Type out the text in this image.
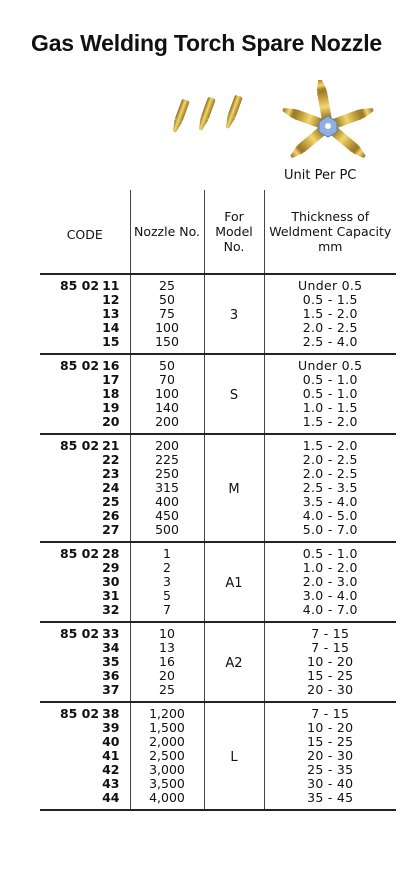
Gas Welding Torch Spare Nozzle
Unit Per PC
CODE	Nozzle No.	For Model No.	Thickness of Weldment Capacity mm
85 02 11	25	3	Under 0.5
12	50		0.5 - 1.5
13	75		1.5 - 2.0
14	100		2.0 - 2.5
15	150		2.5 - 4.0
85 02 16	50	S	Under 0.5
17	70		0.5 - 1.0
18	100		0.5 - 1.0
19	140		1.0 - 1.5
20	200		1.5 - 2.0
85 02 21	200	M	1.5 - 2.0
22	225		2.0 - 2.5
23	250		2.0 - 2.5
24	315		2.5 - 3.5
25	400		3.5 - 4.0
26	450		4.0 - 5.0
27	500		5.0 - 7.0
85 02 28	1	A1	0.5 - 1.0
29	2		1.0 - 2.0
30	3		2.0 - 3.0
31	5		3.0 - 4.0
32	7		4.0 - 7.0
85 02 33	10	A2	7 - 15
34	13		7 - 15
35	16		10 - 20
36	20		15 - 25
37	25		20 - 30
85 02 38	1,200	L	7 - 15
39	1,500		10 - 20
40	2,000		15 - 25
41	2,500		20 - 30
42	3,000		25 - 35
43	3,500		30 - 40
44	4,000		35 - 45
